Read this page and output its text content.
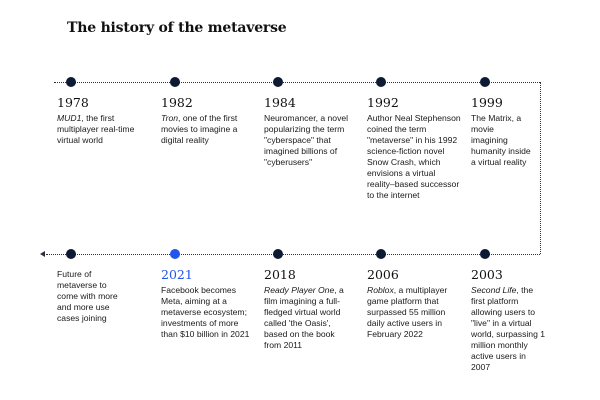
The history of the metaverse
1978
MUD1, the first multiplayer real-time virtual world
1982
Tron, one of the first movies to imagine a digital reality
1984
Neuromancer, a novel popularizing the term "cyberspace" that imagined billions of "cyberusers"
1992
Author Neal Stephenson coined the term "metaverse" in his 1992 science-fiction novel Snow Crash, which envisions a virtual reality–based successor to the internet
1999
The Matrix, a movie imagining humanity inside a virtual reality
Future of metaverse to come with more and more use cases joining
2021
Facebook becomes Meta, aiming at a metaverse ecosystem; investments of more than $10 billion in 2021
2018
Ready Player One, a film imagining a full-fledged virtual world called 'the Oasis', based on the book from 2011
2006
Roblox, a multiplayer game platform that surpassed 55 million daily active users in February 2022
2003
Second Life, the first platform allowing users to "live" in a virtual world, surpassing 1 million monthly active users in 2007
